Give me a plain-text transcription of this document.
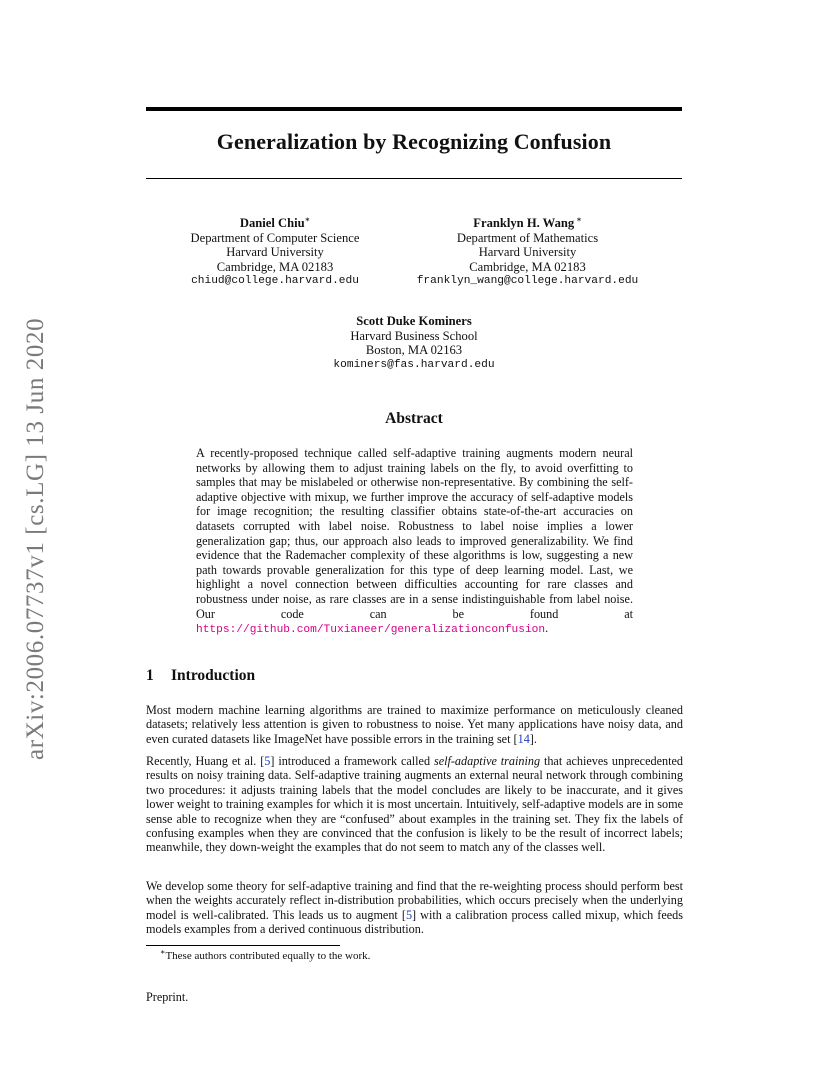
arXiv:2006.07737v1 [cs.LG] 13 Jun 2020
Generalization by Recognizing Confusion
Daniel Chiu∗
Department of Computer Science
Harvard University
Cambridge, MA 02183
chiud@college.harvard.edu
Franklyn H. Wang ∗
Department of Mathematics
Harvard University
Cambridge, MA 02183
franklyn_wang@college.harvard.edu
Scott Duke Kominers
Harvard Business School
Boston, MA 02163
kominers@fas.harvard.edu
Abstract
A recently-proposed technique called self-adaptive training augments modern neural networks by allowing them to adjust training labels on the fly, to avoid overfitting to samples that may be mislabeled or otherwise non-representative. By combining the self-adaptive objective with mixup, we further improve the accuracy of self-adaptive models for image recognition; the resulting classifier obtains state-of-the-art accuracies on datasets corrupted with label noise. Robustness to label noise implies a lower generalization gap; thus, our approach also leads to improved generalizability. We find evidence that the Rademacher complexity of these algorithms is low, suggesting a new path towards provable generalization for this type of deep learning model. Last, we highlight a novel connection between difficulties accounting for rare classes and robustness under noise, as rare classes are in a sense indistinguishable from label noise. Our code can be found at https://github.com/Tuxianeer/generalizationconfusion.
1 Introduction
Most modern machine learning algorithms are trained to maximize performance on meticulously cleaned datasets; relatively less attention is given to robustness to noise. Yet many applications have noisy data, and even curated datasets like ImageNet have possible errors in the training set [14].
Recently, Huang et al. [5] introduced a framework called self-adaptive training that achieves unprecedented results on noisy training data. Self-adaptive training augments an external neural network through combining two procedures: it adjusts training labels that the model concludes are likely to be inaccurate, and it gives lower weight to training examples for which it is most uncertain. Intuitively, self-adaptive models are in some sense able to recognize when they are “confused” about examples in the training set. They fix the labels of confusing examples when they are convinced that the confusion is likely to be the result of incorrect labels; meanwhile, they down-weight the examples that do not seem to match any of the classes well.
We develop some theory for self-adaptive training and find that the re-weighting process should perform best when the weights accurately reflect in-distribution probabilities, which occurs precisely when the underlying model is well-calibrated. This leads us to augment [5] with a calibration process called mixup, which feeds models examples from a derived continuous distribution.
∗These authors contributed equally to the work.
Preprint.
